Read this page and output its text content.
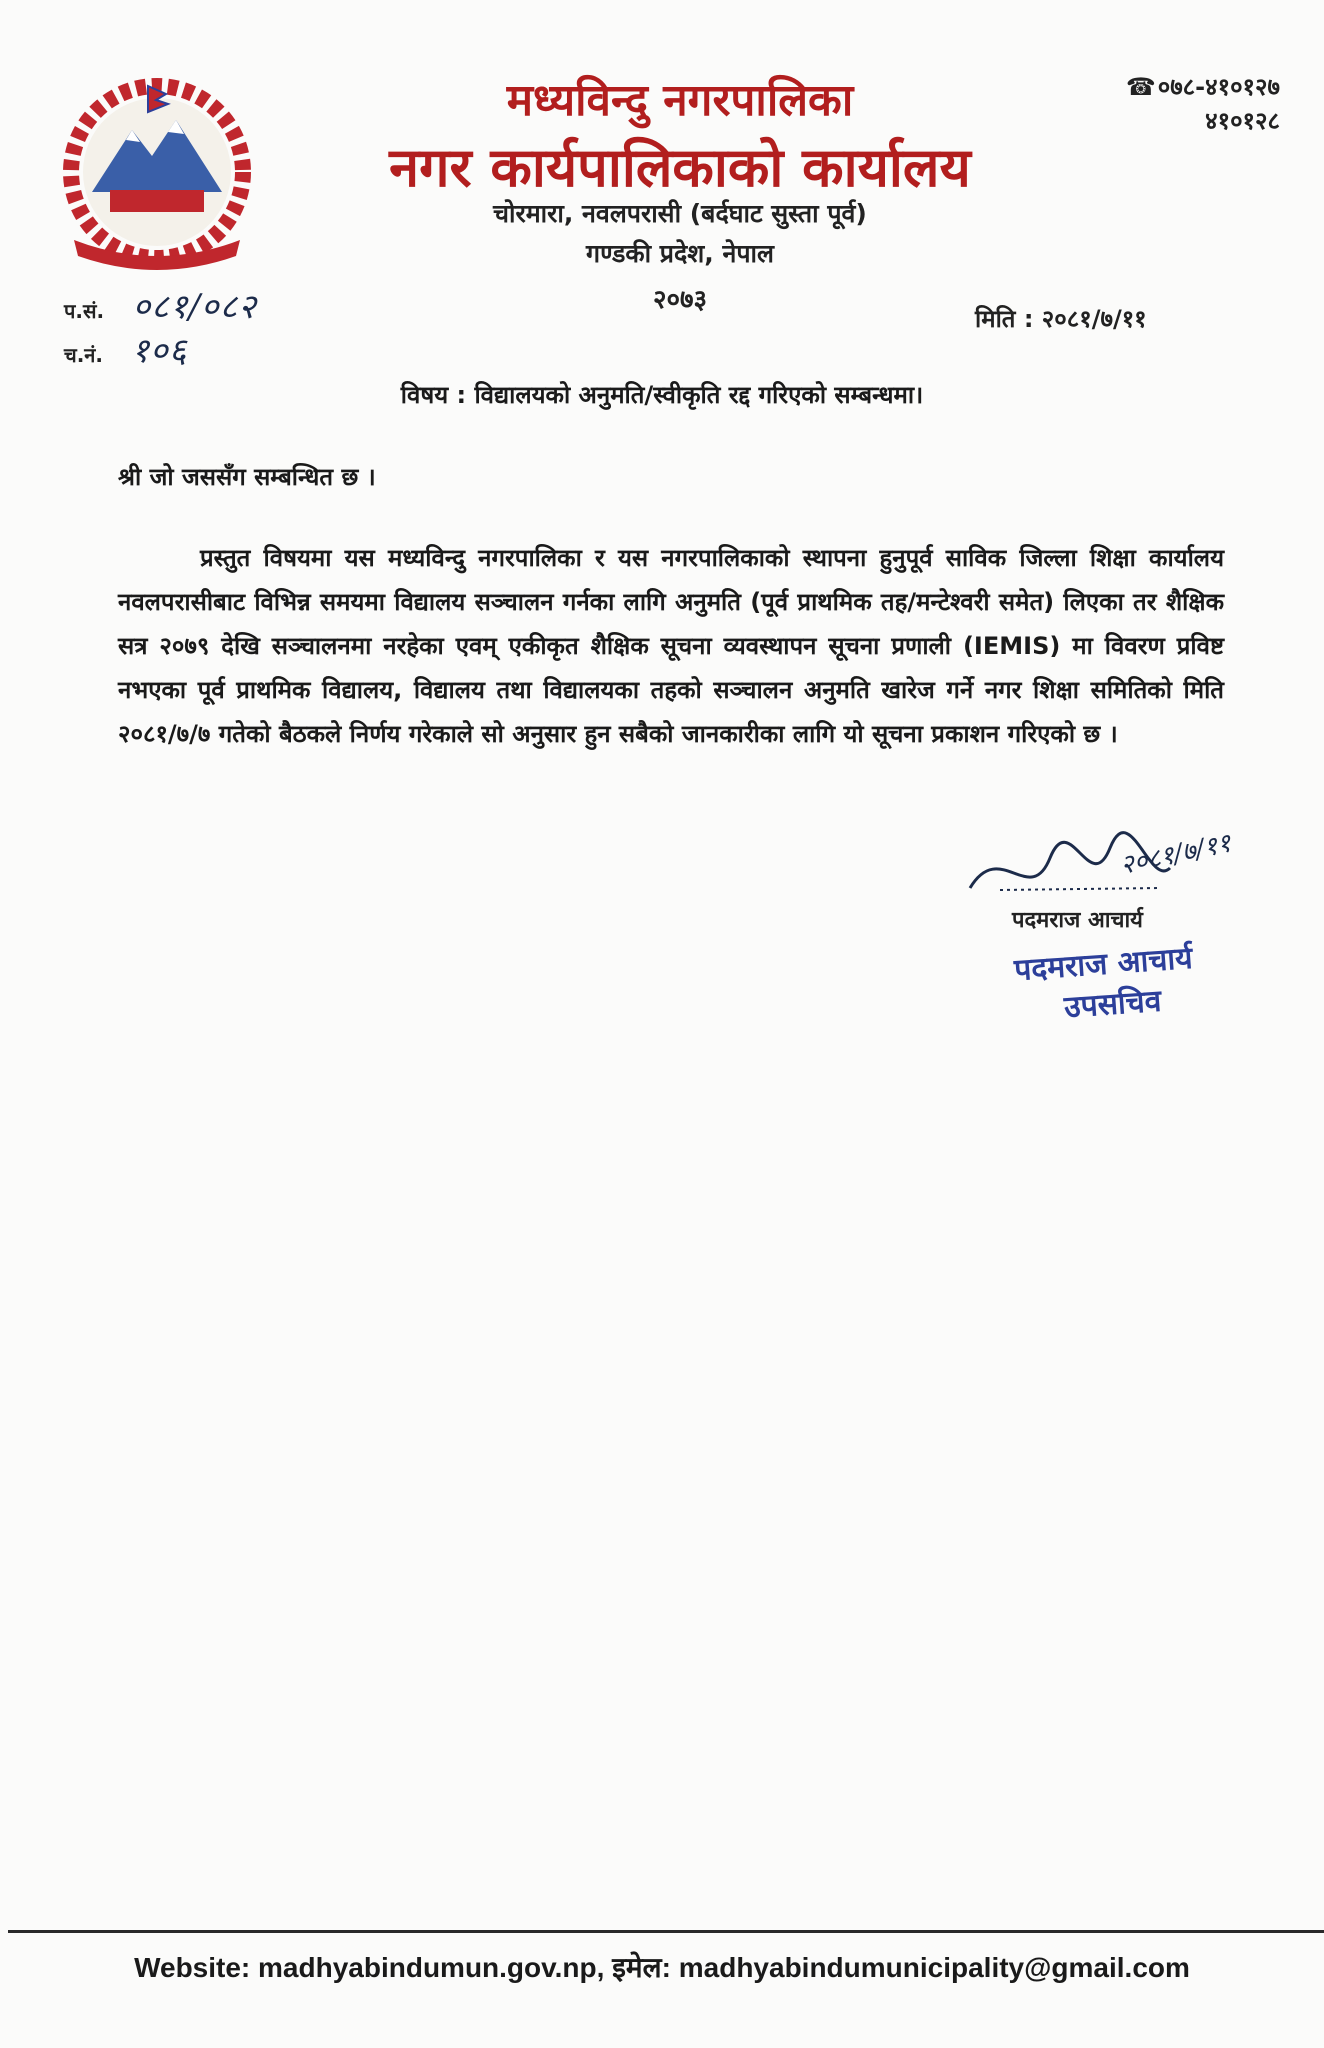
मध्यविन्दु नगरपालिका
नगर कार्यपालिकाको कार्यालय
चोरमारा, नवलपरासी (बर्दघाट सुस्ता पूर्व)
गण्डकी प्रदेश, नेपाल
२०७३
☎०७८-४१०१२७
४१०१२८
प.सं. ०८१/०८२
च.नं. १०६
मिति : २०८१/७/११
विषय : विद्यालयको अनुमति/स्वीकृति रद्द गरिएको सम्बन्धमा।
श्री जो जससँग सम्बन्धित छ ।
प्रस्तुत विषयमा यस मध्यविन्दु नगरपालिका र यस नगरपालिकाको स्थापना हुनुपूर्व साविक जिल्ला शिक्षा कार्यालय नवलपरासीबाट विभिन्न समयमा विद्यालय सञ्चालन गर्नका लागि अनुमति (पूर्व प्राथमिक तह/मन्टेश्वरी समेत) लिएका तर शैक्षिक सत्र २०७९ देखि सञ्चालनमा नरहेका एवम् एकीकृत शैक्षिक सूचना व्यवस्थापन सूचना प्रणाली (IEMIS) मा विवरण प्रविष्ट नभएका पूर्व प्राथमिक विद्यालय, विद्यालय तथा विद्यालयका तहको सञ्चालन अनुमति खारेज गर्ने नगर शिक्षा समितिको मिति २०८१/७/७ गतेको बैठकले निर्णय गरेकाले सो अनुसार हुन सबैको जानकारीका लागि यो सूचना प्रकाशन गरिएको छ ।
२०८१/७/११
पदमराज आचार्य
पदमराज आचार्य
उपसचिव
Website: madhyabindumun.gov.np, इमेल: madhyabindumunicipality@gmail.com
